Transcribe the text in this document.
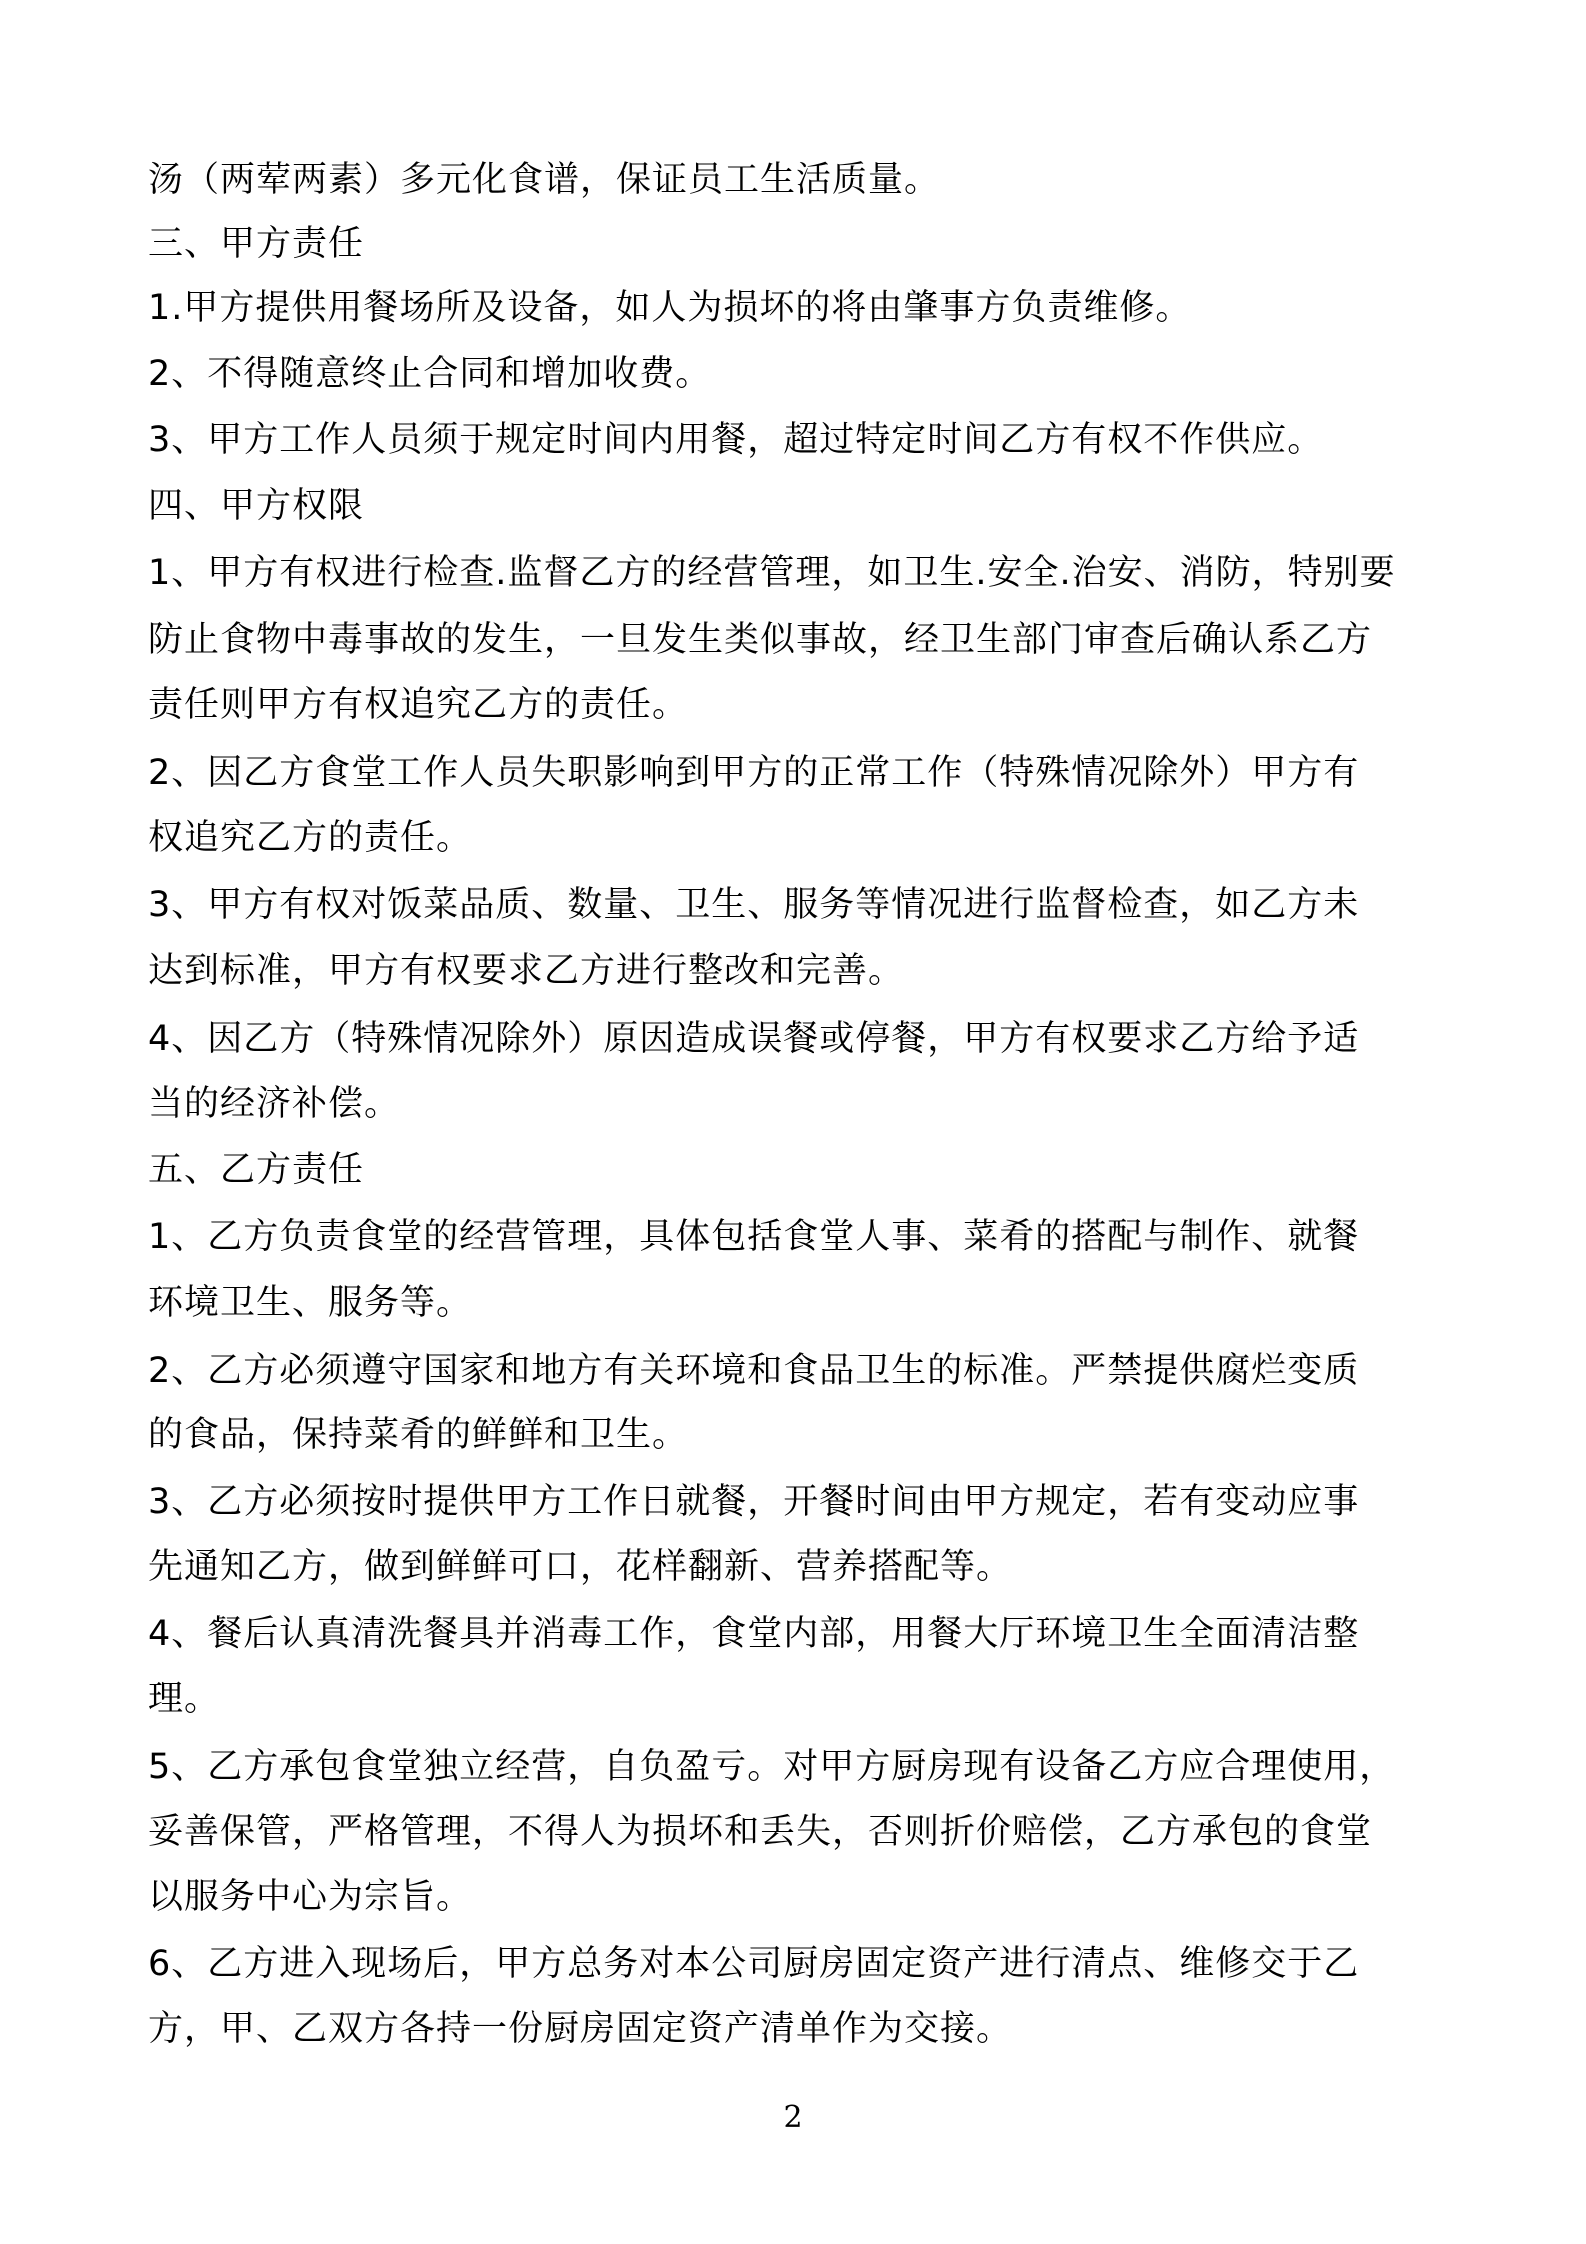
汤（两荤两素）多元化食谱，保证员工生活质量。

三、甲方责任

1.甲方提供用餐场所及设备，如人为损坏的将由肇事方负责维修。

2、不得随意终止合同和增加收费。

3、甲方工作人员须于规定时间内用餐，超过特定时间乙方有权不作供应。

四、甲方权限

1、甲方有权进行检查.监督乙方的经营管理，如卫生.安全.治安、消防，特别要

防止食物中毒事故的发生，一旦发生类似事故，经卫生部门审查后确认系乙方

责任则甲方有权追究乙方的责任。

2、因乙方食堂工作人员失职影响到甲方的正常工作（特殊情况除外）甲方有

权追究乙方的责任。

3、甲方有权对饭菜品质、数量、卫生、服务等情况进行监督检查，如乙方未

达到标准，甲方有权要求乙方进行整改和完善。

4、因乙方（特殊情况除外）原因造成误餐或停餐，甲方有权要求乙方给予适

当的经济补偿。

五、乙方责任

1、乙方负责食堂的经营管理，具体包括食堂人事、菜肴的搭配与制作、就餐

环境卫生、服务等。

2、乙方必须遵守国家和地方有关环境和食品卫生的标准。严禁提供腐烂变质

的食品，保持菜肴的鲜鲜和卫生。

3、乙方必须按时提供甲方工作日就餐，开餐时间由甲方规定，若有变动应事

先通知乙方，做到鲜鲜可口，花样翻新、营养搭配等。

4、餐后认真清洗餐具并消毒工作，食堂内部，用餐大厅环境卫生全面清洁整

理。

5、乙方承包食堂独立经营，自负盈亏。对甲方厨房现有设备乙方应合理使用，

妥善保管，严格管理，不得人为损坏和丢失，否则折价赔偿，乙方承包的食堂

以服务中心为宗旨。

6、乙方进入现场后，甲方总务对本公司厨房固定资产进行清点、维修交于乙

方，甲、乙双方各持一份厨房固定资产清单作为交接。

2
